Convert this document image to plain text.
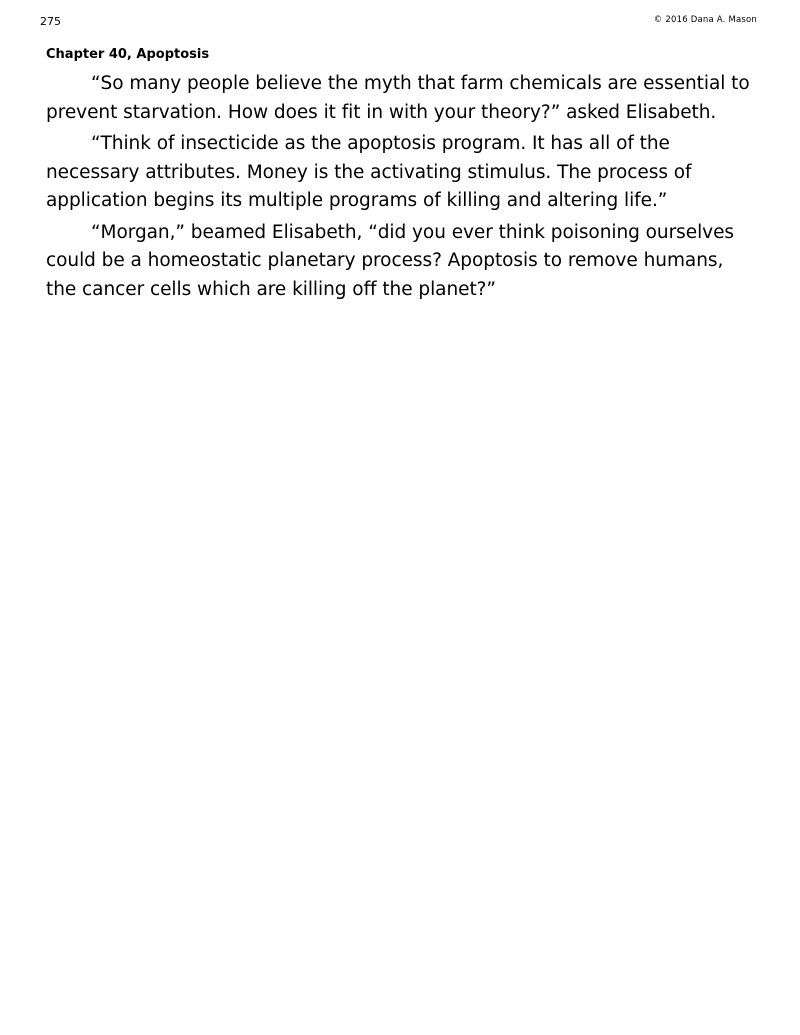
275	© 2016 Dana A. Mason
Chapter 40, Apoptosis

“So many people believe the myth that farm chemicals are essential to
prevent starvation. How does it fit in with your theory?” asked Elisabeth.

“Think of insecticide as the apoptosis program. It has all of the
necessary attributes. Money is the activating stimulus. The process of
application begins its multiple programs of killing and altering life.”

“Morgan,” beamed Elisabeth, “did you ever think poisoning ourselves
could be a homeostatic planetary process? Apoptosis to remove humans,
the cancer cells which are killing off the planet?”
